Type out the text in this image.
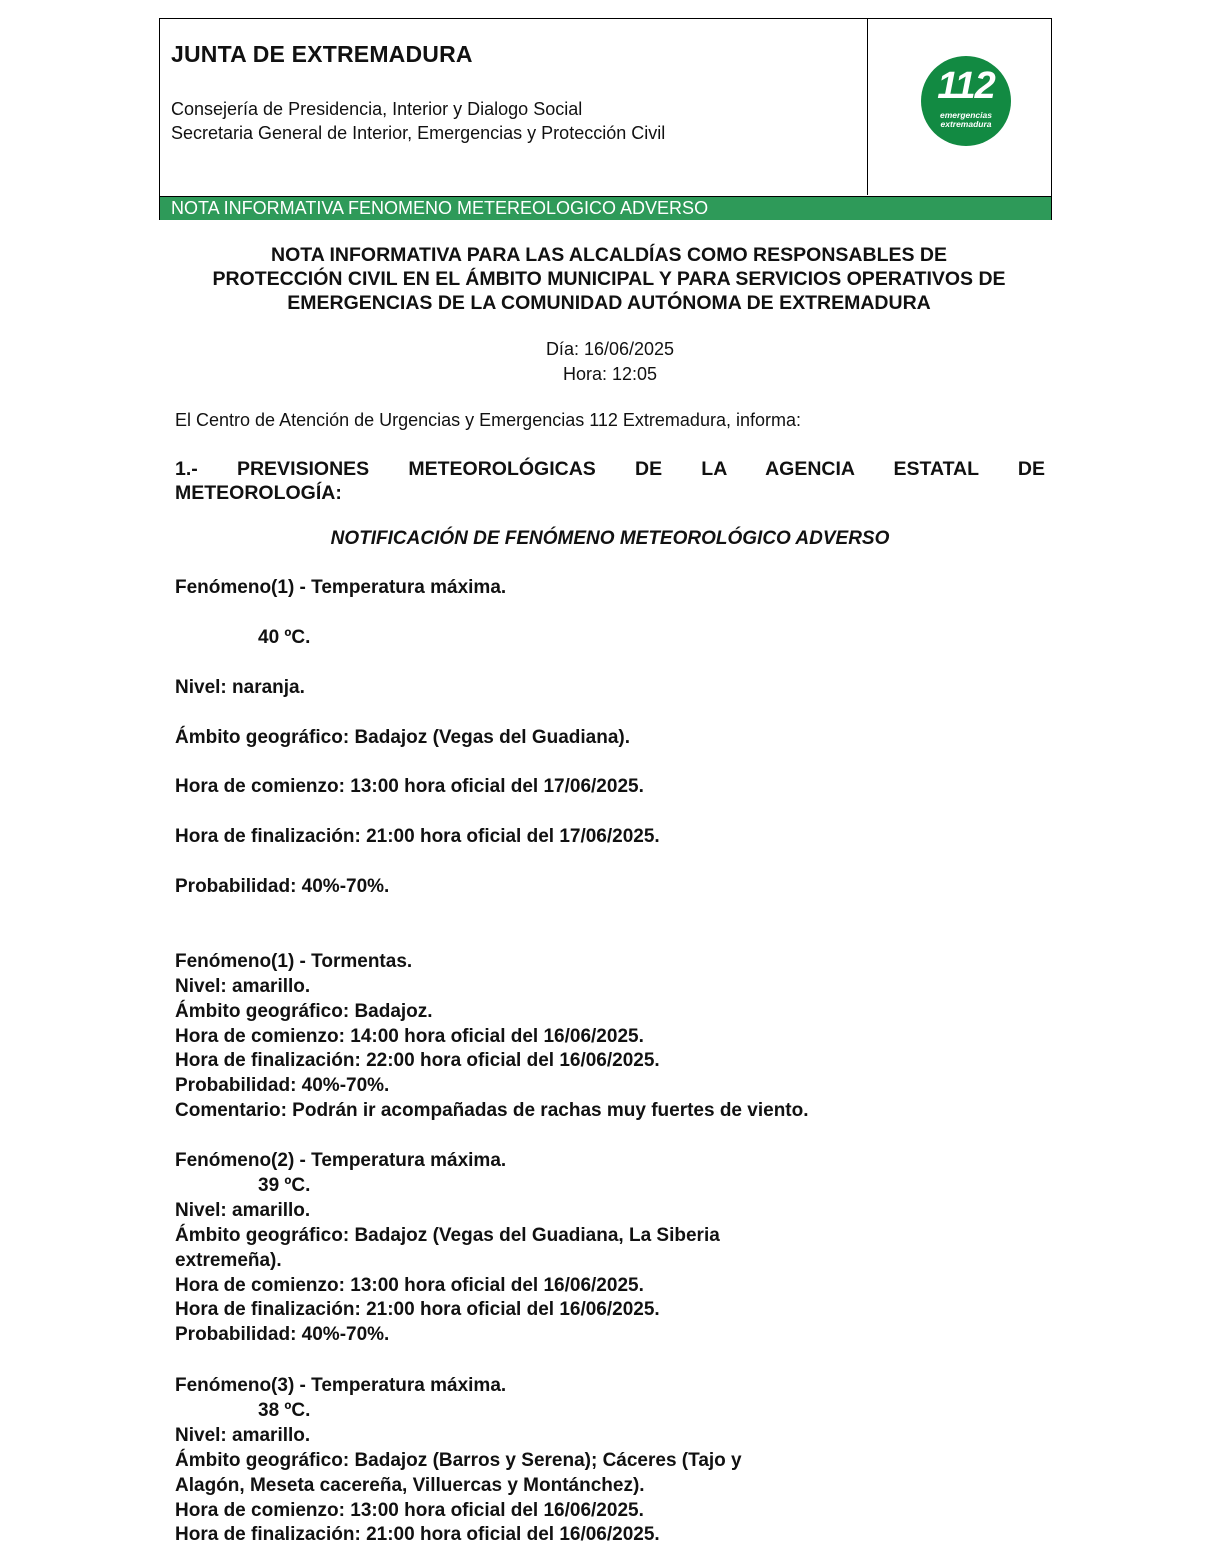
JUNTA DE EXTREMADURA
Consejería de Presidencia, Interior y Dialogo Social
Secretaria General de Interior, Emergencias y Protección Civil
112
emergencias
extremadura
NOTA INFORMATIVA FENOMENO METEREOLOGICO ADVERSO
NOTA INFORMATIVA PARA LAS ALCALDÍAS COMO RESPONSABLES DE
PROTECCIÓN CIVIL EN EL ÁMBITO MUNICIPAL Y PARA SERVICIOS OPERATIVOS DE
EMERGENCIAS DE LA COMUNIDAD AUTÓNOMA DE EXTREMADURA
Día: 16/06/2025
Hora: 12:05
El Centro de Atención de Urgencias y Emergencias 112 Extremadura, informa:
1.- PREVISIONES METEOROLÓGICAS DE LA AGENCIA ESTATAL DE
METEOROLOGÍA:
NOTIFICACIÓN DE FENÓMENO METEOROLÓGICO ADVERSO
Fenómeno(1) - Temperatura máxima.
40 ºC.
Nivel: naranja.
Ámbito geográfico: Badajoz (Vegas del Guadiana).
Hora de comienzo: 13:00 hora oficial del 17/06/2025.
Hora de finalización: 21:00 hora oficial del 17/06/2025.
Probabilidad: 40%-70%.
Fenómeno(1) - Tormentas.
Nivel: amarillo.
Ámbito geográfico: Badajoz.
Hora de comienzo: 14:00 hora oficial del 16/06/2025.
Hora de finalización: 22:00 hora oficial del 16/06/2025.
Probabilidad: 40%-70%.
Comentario: Podrán ir acompañadas de rachas muy fuertes de viento.
Fenómeno(2) - Temperatura máxima.
39 ºC.
Nivel: amarillo.
Ámbito geográfico: Badajoz (Vegas del Guadiana, La Siberia
extremeña).
Hora de comienzo: 13:00 hora oficial del 16/06/2025.
Hora de finalización: 21:00 hora oficial del 16/06/2025.
Probabilidad: 40%-70%.
Fenómeno(3) - Temperatura máxima.
38 ºC.
Nivel: amarillo.
Ámbito geográfico: Badajoz (Barros y Serena); Cáceres (Tajo y
Alagón, Meseta cacereña, Villuercas y Montánchez).
Hora de comienzo: 13:00 hora oficial del 16/06/2025.
Hora de finalización: 21:00 hora oficial del 16/06/2025.
